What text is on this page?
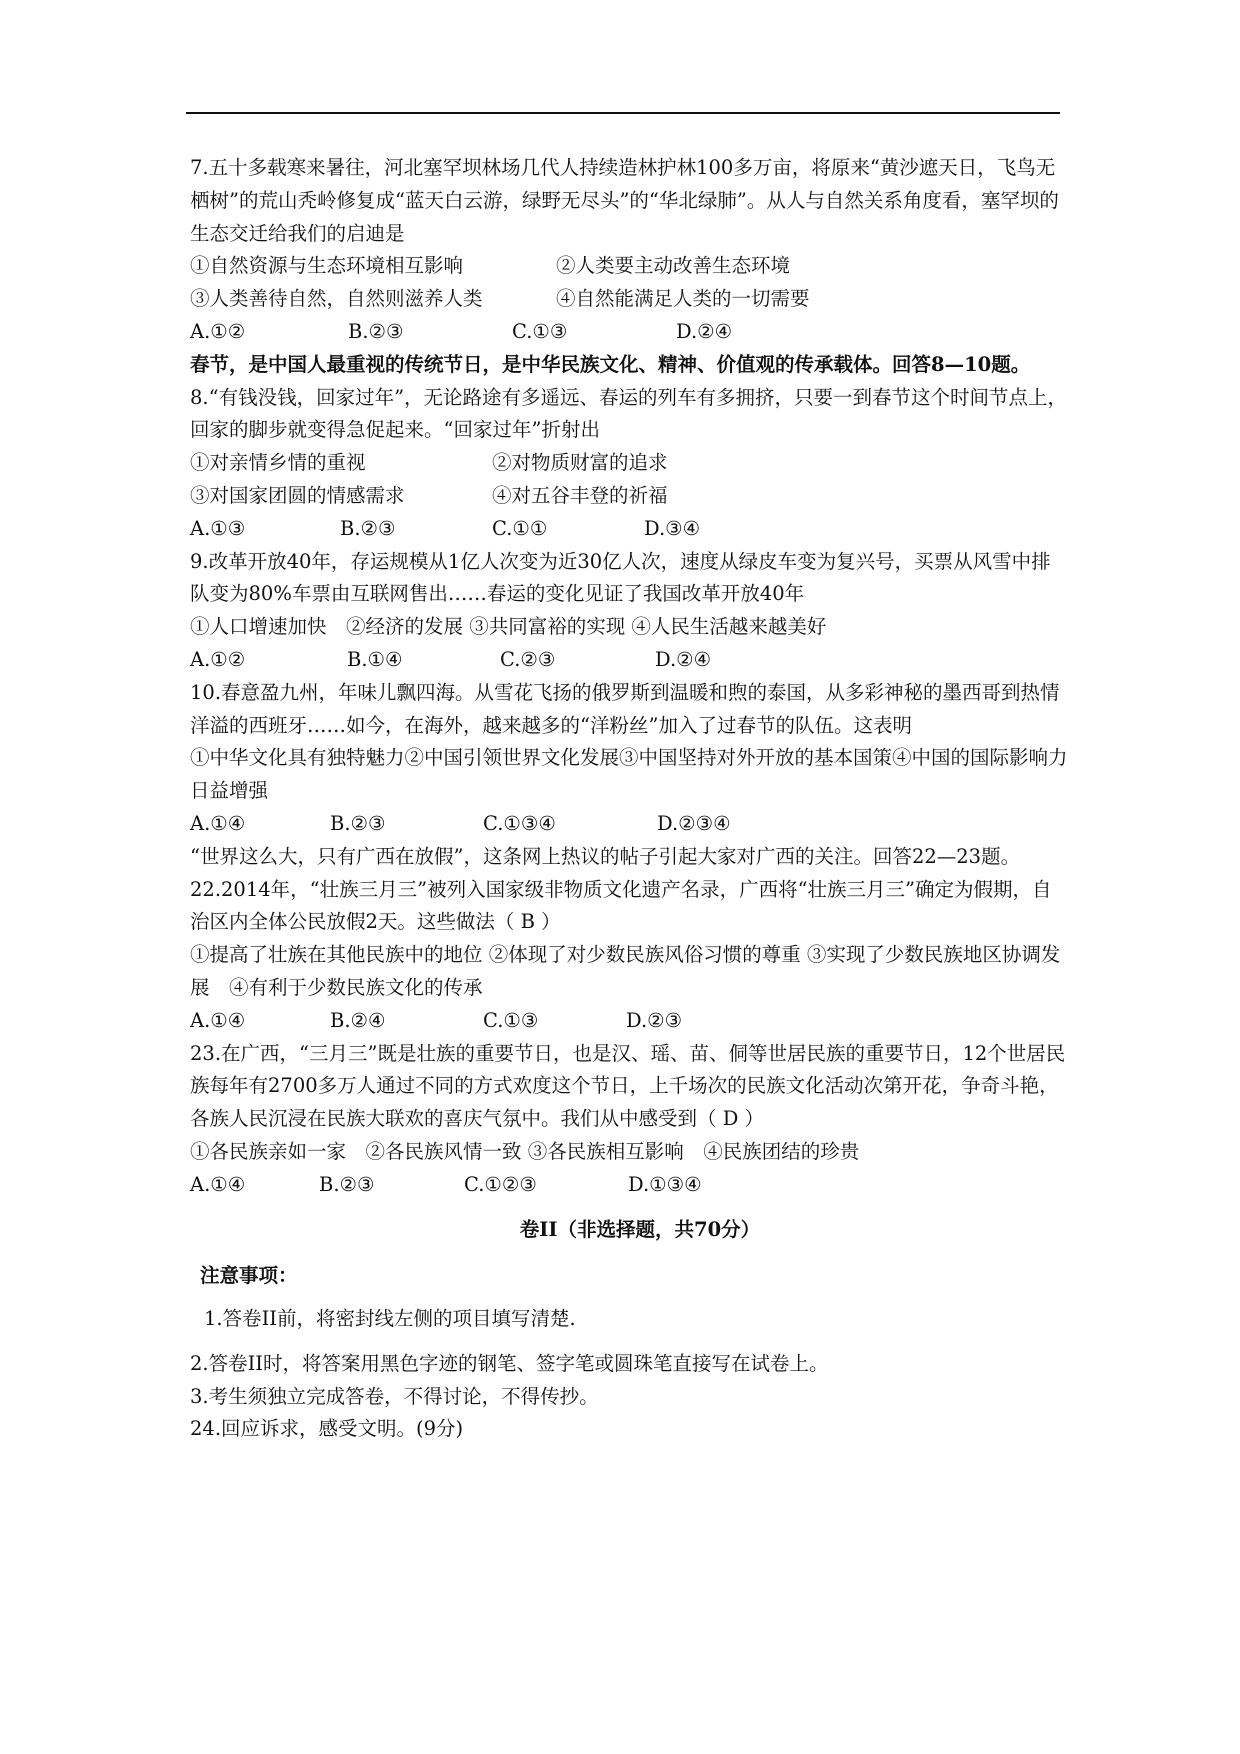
7.五十多载寒来暑往，河北塞罕坝林场几代人持续造林护林100多万亩，将原来“黄沙遮天日，飞鸟无栖树”的荒山秃岭修复成“蓝天白云游，绿野无尽头”的“华北绿肺”。从人与自然关系角度看，塞罕坝的生态交迁给我们的启迪是
①自然资源与生态环境相互影响	②人类要主动改善生态环境
③人类善待自然，自然则滋养人类	④自然能满足人类的一切需要
A.①②	B.②③	C.①③	D.②④
春节，是中国人最重视的传统节日，是中华民族文化、精神、价值观的传承载体。回答8—10题。
8.“有钱没钱，回家过年”，无论路途有多遥远、春运的列车有多拥挤，只要一到春节这个时间节点上，回家的脚步就变得急促起来。“回家过年”折射出
①对亲情乡情的重视	②对物质财富的追求
③对国家团圆的情感需求	④对五谷丰登的祈福
A.①③	B.②③	C.①①	D.③④
9.改革开放40年，存运规模从1亿人次变为近30亿人次，速度从绿皮车变为复兴号，买票从风雪中排队变为80%车票由互联网售出……春运的变化见证了我国改革开放40年
①人口增速加快　②经济的发展 ③共同富裕的实现 ④人民生活越来越美好
A.①②	B.①④	C.②③	D.②④
10.春意盈九州，年味儿飘四海。从雪花飞扬的俄罗斯到温暖和煦的泰国，从多彩神秘的墨西哥到热情洋溢的西班牙……如今，在海外，越来越多的“洋粉丝”加入了过春节的队伍。这表明
①中华文化具有独特魅力②中国引领世界文化发展③中国坚持对外开放的基本国策④中国的国际影响力日益增强
A.①④	B.②③	C.①③④	D.②③④
“世界这么大，只有广西在放假”，这条网上热议的帖子引起大家对广西的关注。回答22—23题。
22.2014年，“壮族三月三”被列入国家级非物质文化遗产名录，广西将“壮族三月三”确定为假期，自治区内全体公民放假2天。这些做法（ B ）
①提高了壮族在其他民族中的地位 ②体现了对少数民族风俗习惯的尊重 ③实现了少数民族地区协调发展　④有利于少数民族文化的传承
A.①④	B.②④	C.①③	D.②③
23.在广西，“三月三”既是壮族的重要节日，也是汉、瑶、苗、侗等世居民族的重要节日，12个世居民族每年有2700多万人通过不同的方式欢度这个节日，上千场次的民族文化活动次第开花，争奇斗艳，各族人民沉浸在民族大联欢的喜庆气氛中。我们从中感受到（ D ）
①各民族亲如一家　②各民族风情一致 ③各民族相互影响　④民族团结的珍贵
A.①④	B.②③	C.①②③	D.①③④
卷II（非选择题，共70分）
注意事项：
1.答卷II前，将密封线左侧的项目填写清楚.
2.答卷II时，将答案用黑色字迹的钢笔、签字笔或圆珠笔直接写在试卷上。
3.考生须独立完成答卷，不得讨论，不得传抄。
24.回应诉求，感受文明。(9分)
